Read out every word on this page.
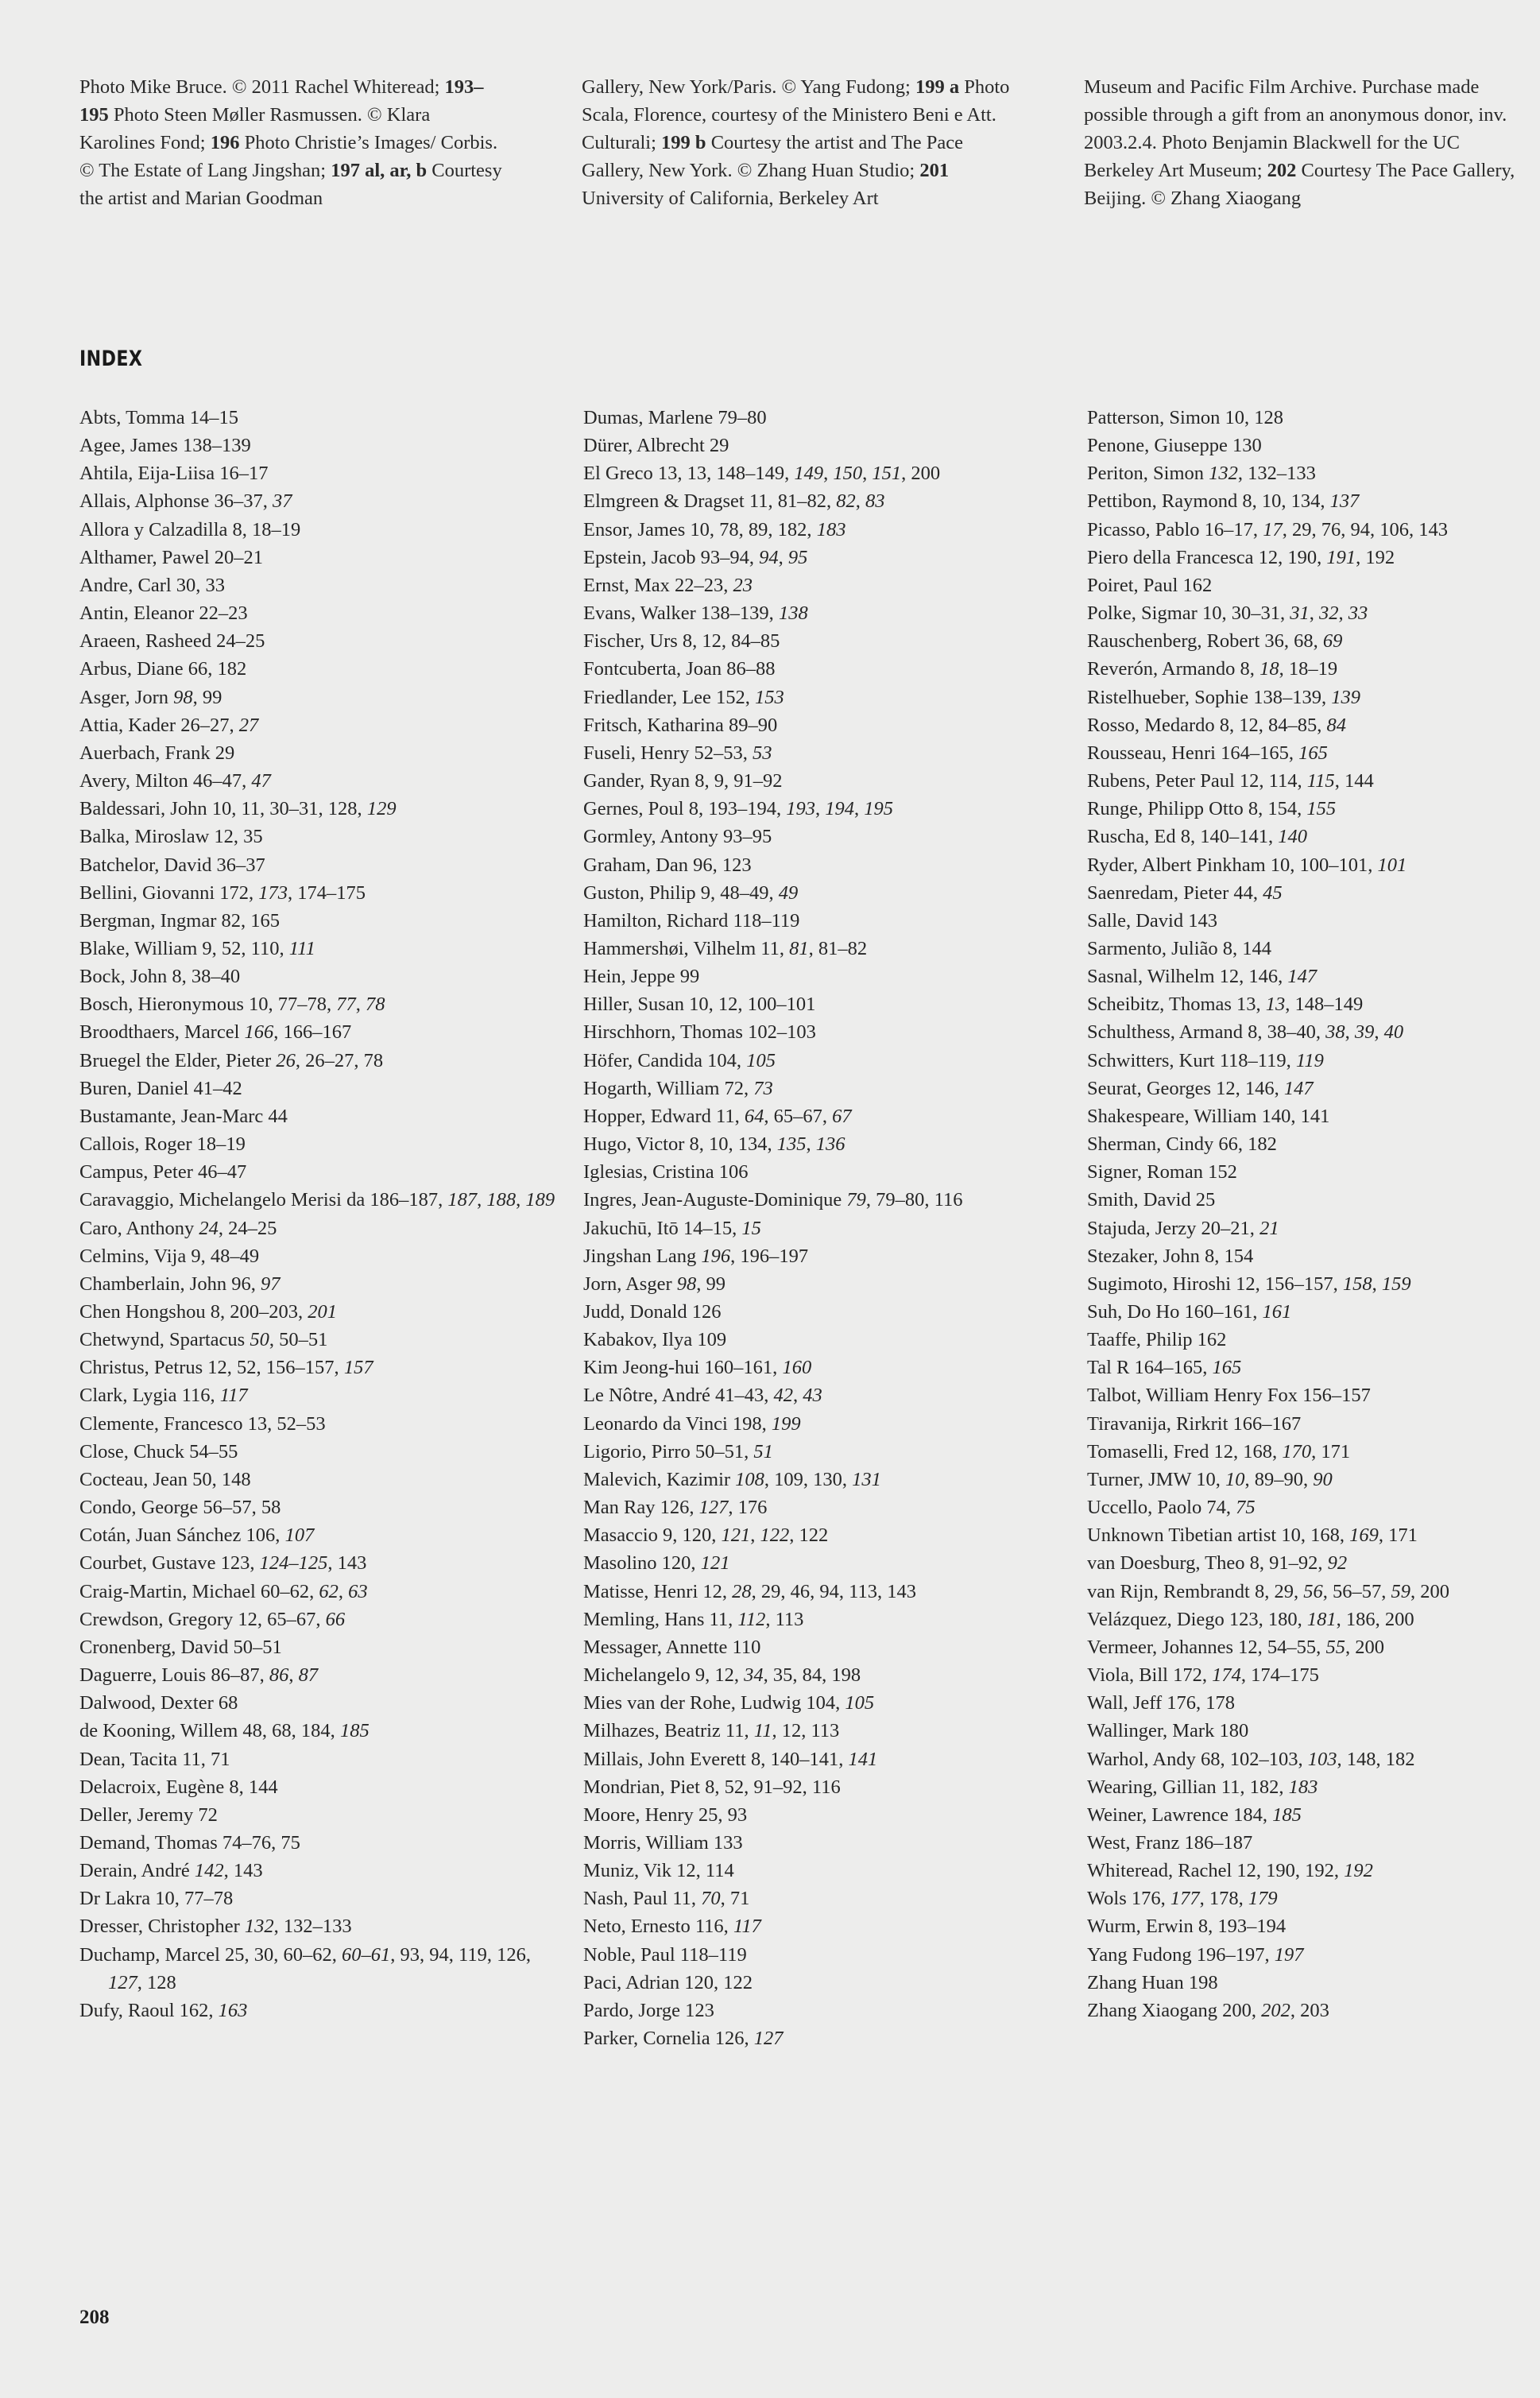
Photo Mike Bruce. © 2011 Rachel Whiteread; 193–195 Photo Steen Møller Rasmussen. © Klara Karolines Fond; 196 Photo Christie’s Images/ Corbis. © The Estate of Lang Jingshan; 197 al, ar, b Courtesy the artist and Marian Goodman
Gallery, New York/Paris. © Yang Fudong; 199 a Photo Scala, Florence, courtesy of the Ministero Beni e Att. Culturali; 199 b Courtesy the artist and The Pace Gallery, New York. © Zhang Huan Studio; 201 University of California, Berkeley Art
Museum and Pacific Film Archive. Purchase made possible through a gift from an anonymous donor, inv. 2003.2.4. Photo Benjamin Blackwell for the UC Berkeley Art Museum; 202 Courtesy The Pace Gallery, Beijing. © Zhang Xiaogang
INDEX
Abts, Tomma 14–15
Agee, James 138–139
Ahtila, Eija-Liisa 16–17
Allais, Alphonse 36–37, 37
Allora y Calzadilla 8, 18–19
Althamer, Pawel 20–21
Andre, Carl 30, 33
Antin, Eleanor 22–23
Araeen, Rasheed 24–25
Arbus, Diane 66, 182
Asger, Jorn 98, 99
Attia, Kader 26–27, 27
Auerbach, Frank 29
Avery, Milton 46–47, 47
Baldessari, John 10, 11, 30–31, 128, 129
Balka, Miroslaw 12, 35
Batchelor, David 36–37
Bellini, Giovanni 172, 173, 174–175
Bergman, Ingmar 82, 165
Blake, William 9, 52, 110, 111
Bock, John 8, 38–40
Bosch, Hieronymous 10, 77–78, 77, 78
Broodthaers, Marcel 166, 166–167
Bruegel the Elder, Pieter 26, 26–27, 78
Buren, Daniel 41–42
Bustamante, Jean-Marc 44
Callois, Roger 18–19
Campus, Peter 46–47
Caravaggio, Michelangelo Merisi da 186–187, 187, 188, 189
Caro, Anthony 24, 24–25
Celmins, Vija 9, 48–49
Chamberlain, John 96, 97
Chen Hongshou 8, 200–203, 201
Chetwynd, Spartacus 50, 50–51
Christus, Petrus 12, 52, 156–157, 157
Clark, Lygia 116, 117
Clemente, Francesco 13, 52–53
Close, Chuck 54–55
Cocteau, Jean 50, 148
Condo, George 56–57, 58
Cotán, Juan Sánchez 106, 107
Courbet, Gustave 123, 124–125, 143
Craig-Martin, Michael 60–62, 62, 63
Crewdson, Gregory 12, 65–67, 66
Cronenberg, David 50–51
Daguerre, Louis 86–87, 86, 87
Dalwood, Dexter 68
de Kooning, Willem 48, 68, 184, 185
Dean, Tacita 11, 71
Delacroix, Eugène 8, 144
Deller, Jeremy 72
Demand, Thomas 74–76, 75
Derain, André 142, 143
Dr Lakra 10, 77–78
Dresser, Christopher 132, 132–133
Duchamp, Marcel 25, 30, 60–62, 60–61, 93, 94, 119, 126, 127, 128
Dufy, Raoul 162, 163
Dumas, Marlene 79–80
Dürer, Albrecht 29
El Greco 13, 13, 148–149, 149, 150, 151, 200
Elmgreen & Dragset 11, 81–82, 82, 83
Ensor, James 10, 78, 89, 182, 183
Epstein, Jacob 93–94, 94, 95
Ernst, Max 22–23, 23
Evans, Walker 138–139, 138
Fischer, Urs 8, 12, 84–85
Fontcuberta, Joan 86–88
Friedlander, Lee 152, 153
Fritsch, Katharina 89–90
Fuseli, Henry 52–53, 53
Gander, Ryan 8, 9, 91–92
Gernes, Poul 8, 193–194, 193, 194, 195
Gormley, Antony 93–95
Graham, Dan 96, 123
Guston, Philip 9, 48–49, 49
Hamilton, Richard 118–119
Hammershøi, Vilhelm 11, 81, 81–82
Hein, Jeppe 99
Hiller, Susan 10, 12, 100–101
Hirschhorn, Thomas 102–103
Höfer, Candida 104, 105
Hogarth, William 72, 73
Hopper, Edward 11, 64, 65–67, 67
Hugo, Victor 8, 10, 134, 135, 136
Iglesias, Cristina 106
Ingres, Jean-Auguste-Dominique 79, 79–80, 116
Jakuchū, Itō 14–15, 15
Jingshan Lang 196, 196–197
Jorn, Asger 98, 99
Judd, Donald 126
Kabakov, Ilya 109
Kim Jeong-hui 160–161, 160
Le Nôtre, André 41–43, 42, 43
Leonardo da Vinci 198, 199
Ligorio, Pirro 50–51, 51
Malevich, Kazimir 108, 109, 130, 131
Man Ray 126, 127, 176
Masaccio 9, 120, 121, 122, 122
Masolino 120, 121
Matisse, Henri 12, 28, 29, 46, 94, 113, 143
Memling, Hans 11, 112, 113
Messager, Annette 110
Michelangelo 9, 12, 34, 35, 84, 198
Mies van der Rohe, Ludwig 104, 105
Milhazes, Beatriz 11, 11, 12, 113
Millais, John Everett 8, 140–141, 141
Mondrian, Piet 8, 52, 91–92, 116
Moore, Henry 25, 93
Morris, William 133
Muniz, Vik 12, 114
Nash, Paul 11, 70, 71
Neto, Ernesto 116, 117
Noble, Paul 118–119
Paci, Adrian 120, 122
Pardo, Jorge 123
Parker, Cornelia 126, 127
Patterson, Simon 10, 128
Penone, Giuseppe 130
Periton, Simon 132, 132–133
Pettibon, Raymond 8, 10, 134, 137
Picasso, Pablo 16–17, 17, 29, 76, 94, 106, 143
Piero della Francesca 12, 190, 191, 192
Poiret, Paul 162
Polke, Sigmar 10, 30–31, 31, 32, 33
Rauschenberg, Robert 36, 68, 69
Reverón, Armando 8, 18, 18–19
Ristelhueber, Sophie 138–139, 139
Rosso, Medardo 8, 12, 84–85, 84
Rousseau, Henri 164–165, 165
Rubens, Peter Paul 12, 114, 115, 144
Runge, Philipp Otto 8, 154, 155
Ruscha, Ed 8, 140–141, 140
Ryder, Albert Pinkham 10, 100–101, 101
Saenredam, Pieter 44, 45
Salle, David 143
Sarmento, Julião 8, 144
Sasnal, Wilhelm 12, 146, 147
Scheibitz, Thomas 13, 13, 148–149
Schulthess, Armand 8, 38–40, 38, 39, 40
Schwitters, Kurt 118–119, 119
Seurat, Georges 12, 146, 147
Shakespeare, William 140, 141
Sherman, Cindy 66, 182
Signer, Roman 152
Smith, David 25
Stajuda, Jerzy 20–21, 21
Stezaker, John 8, 154
Sugimoto, Hiroshi 12, 156–157, 158, 159
Suh, Do Ho 160–161, 161
Taaffe, Philip 162
Tal R 164–165, 165
Talbot, William Henry Fox 156–157
Tiravanija, Rirkrit 166–167
Tomaselli, Fred 12, 168, 170, 171
Turner, JMW 10, 10, 89–90, 90
Uccello, Paolo 74, 75
Unknown Tibetian artist 10, 168, 169, 171
van Doesburg, Theo 8, 91–92, 92
van Rijn, Rembrandt 8, 29, 56, 56–57, 59, 200
Velázquez, Diego 123, 180, 181, 186, 200
Vermeer, Johannes 12, 54–55, 55, 200
Viola, Bill 172, 174, 174–175
Wall, Jeff 176, 178
Wallinger, Mark 180
Warhol, Andy 68, 102–103, 103, 148, 182
Wearing, Gillian 11, 182, 183
Weiner, Lawrence 184, 185
West, Franz 186–187
Whiteread, Rachel 12, 190, 192, 192
Wols 176, 177, 178, 179
Wurm, Erwin 8, 193–194
Yang Fudong 196–197, 197
Zhang Huan 198
Zhang Xiaogang 200, 202, 203
208
